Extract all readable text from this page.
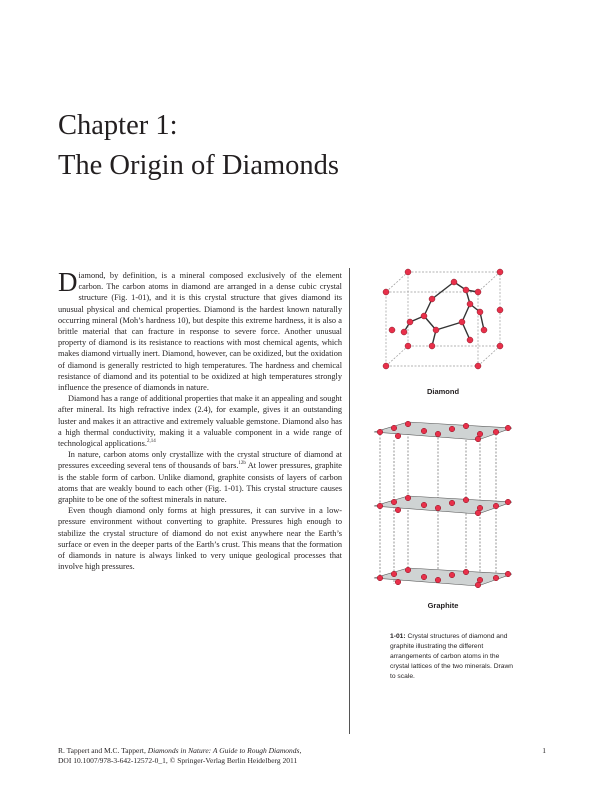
Chapter 1:
The Origin of Diamonds

Diamond, by definition, is a mineral composed exclusively of the element carbon. The carbon atoms in diamond are arranged in a dense cubic crystal structure (Fig. 1-01), and it is this crystal structure that gives diamond its unusual physical and chemical properties. Diamond is the hardest known naturally occurring mineral (Moh’s hardness 10), but despite this extreme hardness, it is also a brittle material that can fracture in response to severe force. Another unusual property of diamond is its resistance to reactions with most chemical agents, which makes diamond virtually inert. Diamond, however, can be oxidized, but the oxidation of diamond is generally restricted to high temperatures. The hardness and chemical resistance of diamond and its potential to be oxidized at high temperatures strongly influence the presence of diamonds in nature.

Diamond has a range of additional properties that make it an appealing and sought after mineral. Its high refractive index (2.4), for example, gives it an outstanding luster and makes it an attractive and extremely valuable gemstone. Diamond also has a high thermal conductivity, making it a valuable component in a wide range of technological applications.$^{2,14}$

In nature, carbon atoms only crystallize with the crystal structure of diamond at pressures exceeding several tens of thousands of bars.$^{12b}$ At lower pressures, graphite is the stable form of carbon. Unlike diamond, graphite consists of layers of carbon atoms that are weakly bound to each other (Fig. 1-01). This crystal structure causes graphite to be one of the softest minerals in nature.

Even though diamond only forms at high pressures, it can survive in a low-pressure environment without converting to graphite. Pressures high enough to stabilize the crystal structure of diamond do not exist anywhere near the Earth’s surface or even in the deeper parts of the Earth’s crust. This means that the formation of diamonds in nature is always linked to very unique geological processes that involve high pressures.

Diamond
Graphite
1-01: Crystal structures of diamond and graphite illustrating the different arrangements of carbon atoms in the crystal lattices of the two minerals. Drawn to scale.
R. Tappert and M.C. Tappert, Diamonds in Nature: A Guide to Rough Diamonds,
DOI 10.1007/978-3-642-12572-0_1, © Springer-Verlag Berlin Heidelberg 2011
1
